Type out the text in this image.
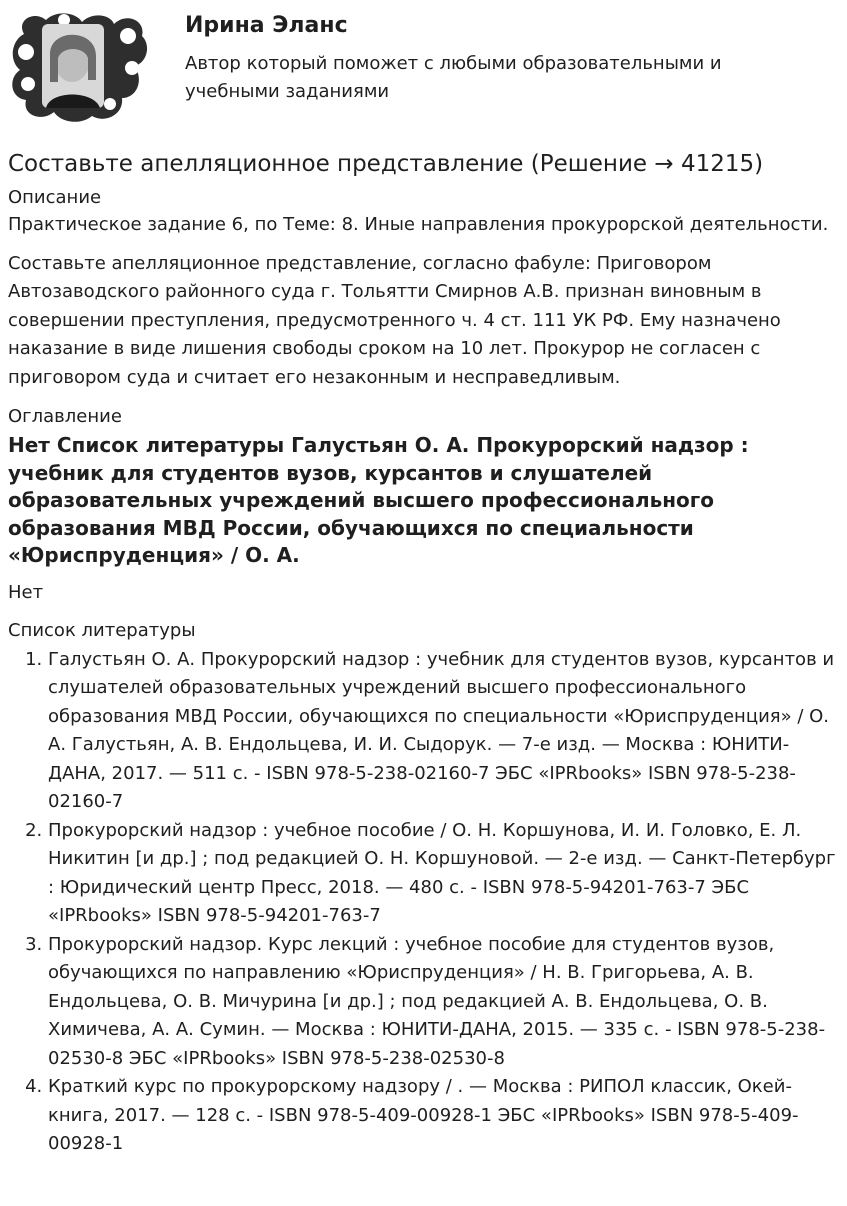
Ирина Эланс

Автор который поможет с любыми образовательными и учебными заданиями

Составьте апелляционное представление (Решение → 41215)

Описание

Практическое задание 6, по Теме: 8. Иные направления прокурорской деятельности.

Составьте апелляционное представление, согласно фабуле: Приговором Автозаводского районного суда г. Тольятти Смирнов А.В. признан виновным в совершении преступления, предусмотренного ч. 4 ст. 111 УК РФ. Ему назначено наказание в виде лишения свободы сроком на 10 лет. Прокурор не согласен с приговором суда и считает его незаконным и несправедливым.

Оглавление

Нет Список литературы Галустьян О. А. Прокурорский надзор : учебник для студентов вузов, курсантов и слушателей образовательных учреждений высшего профессионального образования МВД России, обучающихся по специальности «Юриспруденция» / О. А.

Нет

Список литературы

1. Галустьян О. А. Прокурорский надзор : учебник для студентов вузов, курсантов и слушателей образовательных учреждений высшего профессионального образования МВД России, обучающихся по специальности «Юриспруденция» / О. А. Галустьян, А. В. Ендольцева, И. И. Сыдорук. — 7-е изд. — Москва : ЮНИТИ-ДАНА, 2017. — 511 c. - ISBN 978-5-238-02160-7 ЭБС «IPRbooks» ISBN 978-5-238-02160-7
2. Прокурорский надзор : учебное пособие / О. Н. Коршунова, И. И. Головко, Е. Л. Никитин [и др.] ; под редакцией О. Н. Коршуновой. — 2-е изд. — Санкт-Петербург : Юридический центр Пресс, 2018. — 480 c. - ISBN 978-5-94201-763-7 ЭБС «IPRbooks» ISBN 978-5-94201-763-7
3. Прокурорский надзор. Курс лекций : учебное пособие для студентов вузов, обучающихся по направлению «Юриспруденция» / Н. В. Григорьева, А. В. Ендольцева, О. В. Мичурина [и др.] ; под редакцией А. В. Ендольцева, О. В. Химичева, А. А. Сумин. — Москва : ЮНИТИ-ДАНА, 2015. — 335 c. - ISBN 978-5-238-02530-8 ЭБС «IPRbooks» ISBN 978-5-238-02530-8
4. Краткий курс по прокурорскому надзору / . — Москва : РИПОЛ классик, Окей-книга, 2017. — 128 c. - ISBN 978-5-409-00928-1 ЭБС «IPRbooks» ISBN 978-5-409-00928-1
